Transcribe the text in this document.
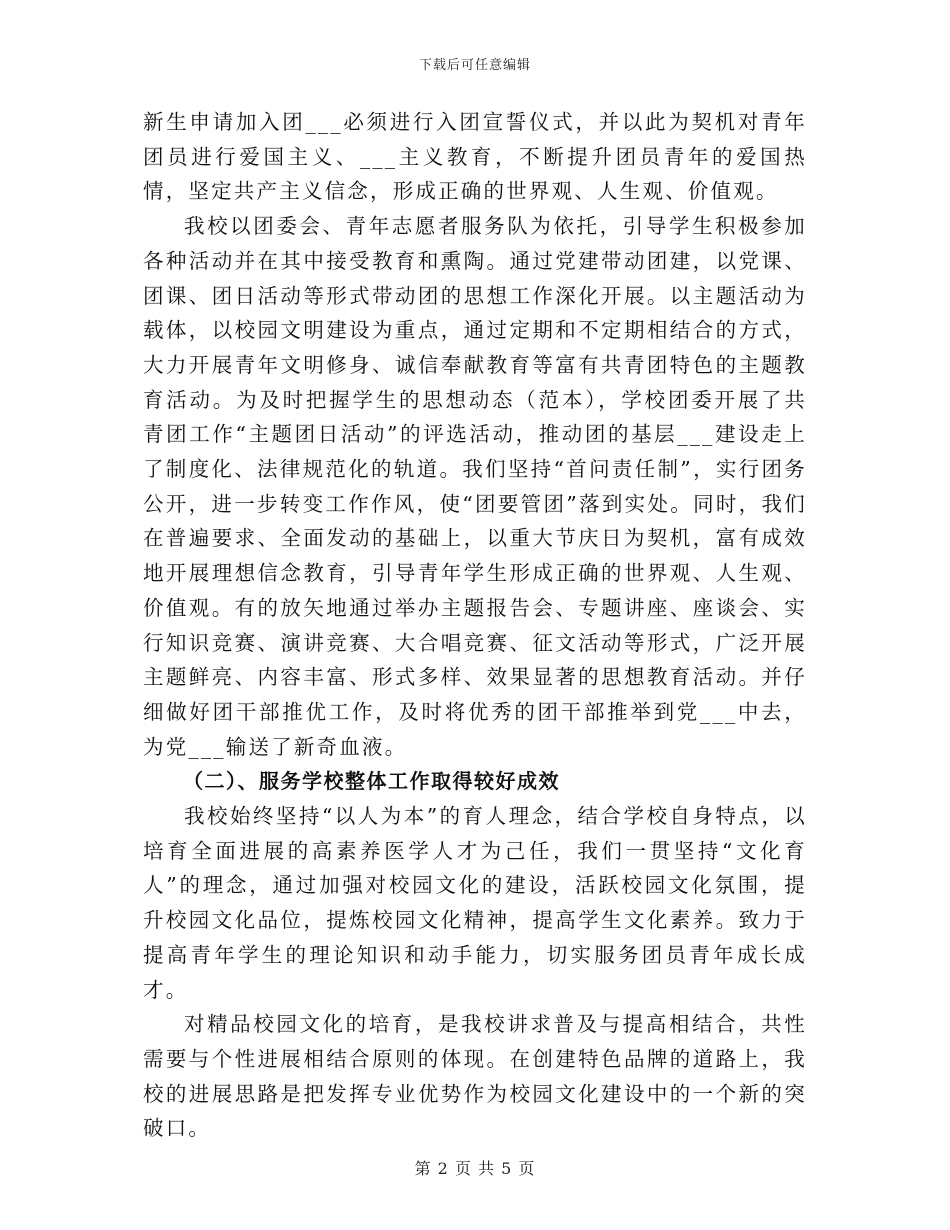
下载后可任意编辑

新生申请加入团___必须进行入团宣誓仪式，并以此为契机对青年团员进行爱国主义、___主义教育，不断提升团员青年的爱国热情，坚定共产主义信念，形成正确的世界观、人生观、价值观。

我校以团委会、青年志愿者服务队为依托，引导学生积极参加各种活动并在其中接受教育和熏陶。通过党建带动团建，以党课、团课、团日活动等形式带动团的思想工作深化开展。以主题活动为载体，以校园文明建设为重点，通过定期和不定期相结合的方式，大力开展青年文明修身、诚信奉献教育等富有共青团特色的主题教育活动。为及时把握学生的思想动态（范本），学校团委开展了共青团工作“主题团日活动”的评选活动，推动团的基层___建设走上了制度化、法律规范化的轨道。我们坚持“首问责任制”，实行团务公开，进一步转变工作作风，使“团要管团”落到实处。同时，我们在普遍要求、全面发动的基础上，以重大节庆日为契机，富有成效地开展理想信念教育，引导青年学生形成正确的世界观、人生观、价值观。有的放矢地通过举办主题报告会、专题讲座、座谈会、实行知识竞赛、演讲竞赛、大合唱竞赛、征文活动等形式，广泛开展主题鲜亮、内容丰富、形式多样、效果显著的思想教育活动。并仔细做好团干部推优工作，及时将优秀的团干部推举到党___中去，为党___输送了新奇血液。

（二）、服务学校整体工作取得较好成效

我校始终坚持“以人为本”的育人理念，结合学校自身特点，以培育全面进展的高素养医学人才为己任，我们一贯坚持“文化育人”的理念，通过加强对校园文化的建设，活跃校园文化氛围，提升校园文化品位，提炼校园文化精神，提高学生文化素养。致力于提高青年学生的理论知识和动手能力，切实服务团员青年成长成才。

对精品校园文化的培育，是我校讲求普及与提高相结合，共性需要与个性进展相结合原则的体现。在创建特色品牌的道路上，我校的进展思路是把发挥专业优势作为校园文化建设中的一个新的突破口。

第 2 页 共 5 页
